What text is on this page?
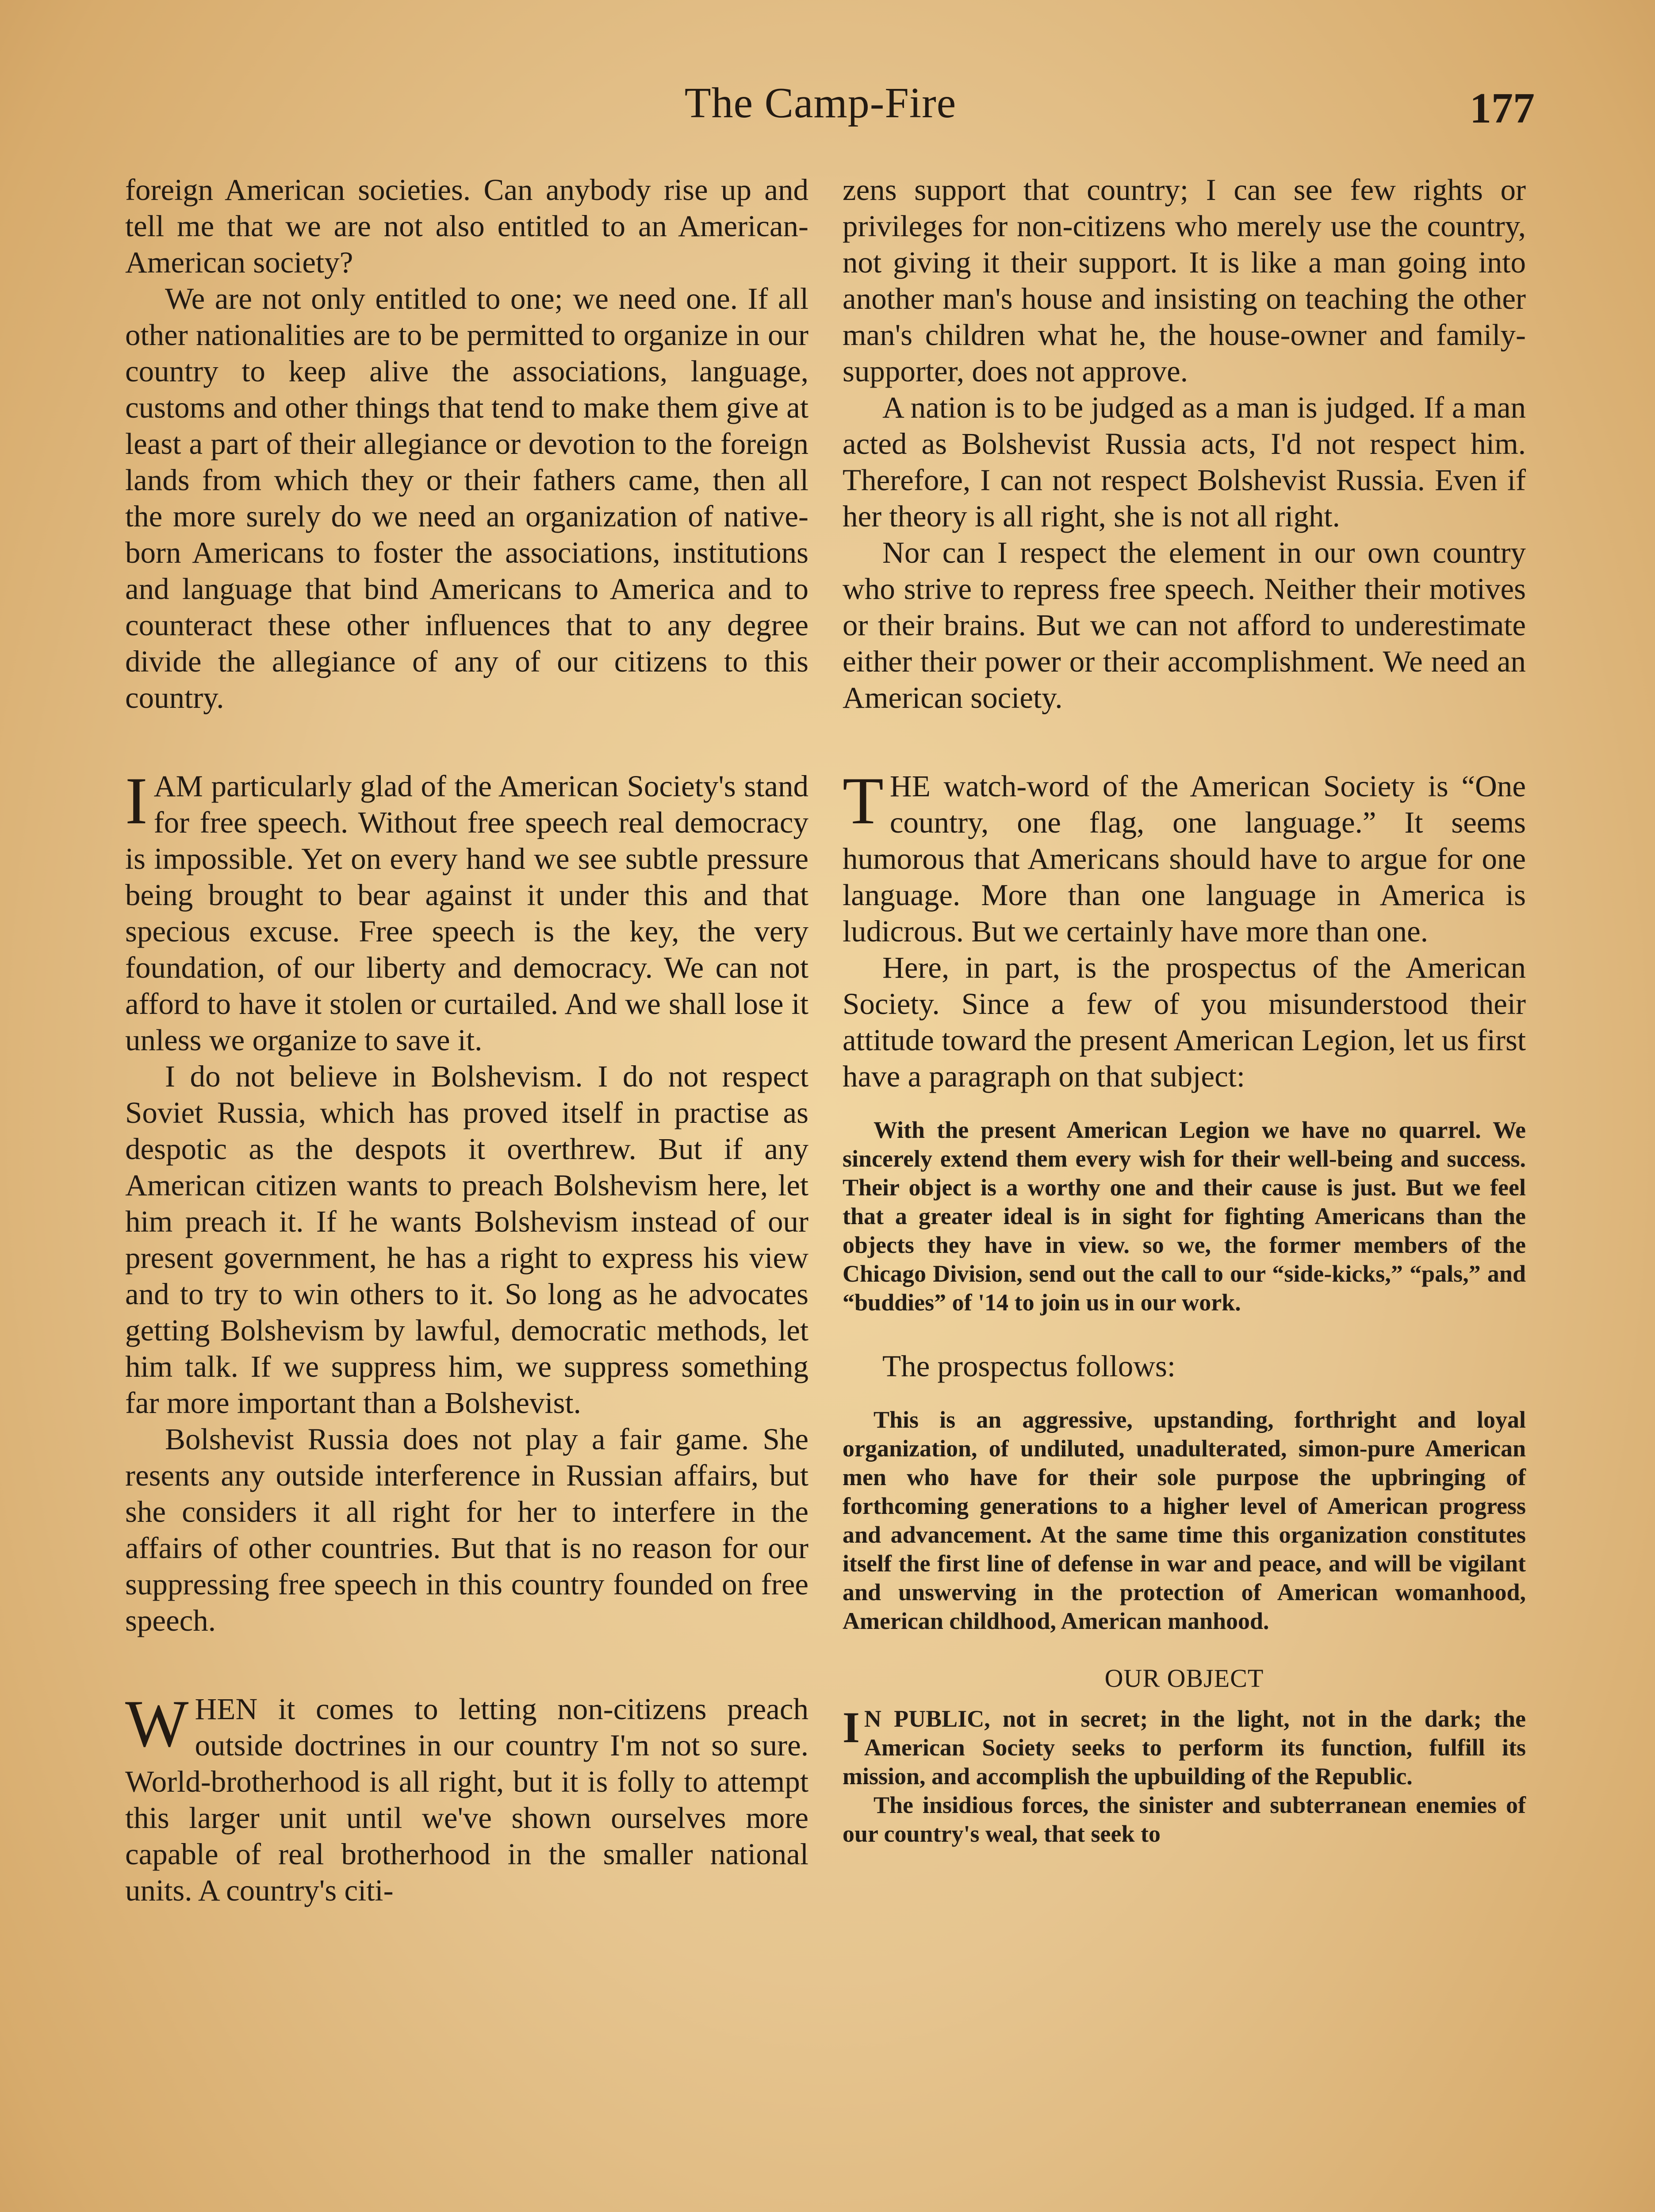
The Camp-Fire	177

foreign American societies. Can anybody rise up and tell me that we are not also entitled to an American-American society?

We are not only entitled to one; we need one. If all other nationalities are to be permitted to organize in our country to keep alive the associations, language, customs and other things that tend to make them give at least a part of their allegiance or devotion to the foreign lands from which they or their fathers came, then all the more surely do we need an organization of native-born Americans to foster the associations, institutions and language that bind Americans to America and to counteract these other influences that to any degree divide the allegiance of any of our citizens to this country.

IAM particularly glad of the American Society's stand for free speech. Without free speech real democracy is impossible. Yet on every hand we see subtle pressure being brought to bear against it under this and that specious excuse. Free speech is the key, the very foundation, of our liberty and democracy. We can not afford to have it stolen or curtailed. And we shall lose it unless we organize to save it.

I do not believe in Bolshevism. I do not respect Soviet Russia, which has proved itself in practise as despotic as the despots it overthrew. But if any American citizen wants to preach Bolshevism here, let him preach it. If he wants Bolshevism instead of our present government, he has a right to express his view and to try to win others to it. So long as he advocates getting Bolshevism by lawful, democratic methods, let him talk. If we suppress him, we suppress something far more important than a Bolshevist.

Bolshevist Russia does not play a fair game. She resents any outside interference in Russian affairs, but she considers it all right for her to interfere in the affairs of other countries. But that is no reason for our suppressing free speech in this country founded on free speech.

WHEN it comes to letting non-citizens preach outside doctrines in our country I'm not so sure. World-brotherhood is all right, but it is folly to attempt this larger unit until we've shown ourselves more capable of real brotherhood in the smaller national units. A country's citi-

zens support that country; I can see few rights or privileges for non-citizens who merely use the country, not giving it their support. It is like a man going into another man's house and insisting on teaching the other man's children what he, the house-owner and family-supporter, does not approve.

A nation is to be judged as a man is judged. If a man acted as Bolshevist Russia acts, I'd not respect him. Therefore, I can not respect Bolshevist Russia. Even if her theory is all right, she is not all right.

Nor can I respect the element in our own country who strive to repress free speech. Neither their motives or their brains. But we can not afford to underestimate either their power or their accomplishment. We need an American society.

THE watch-word of the American Society is “One country, one flag, one language.” It seems humorous that Americans should have to argue for one language. More than one language in America is ludicrous. But we certainly have more than one.

Here, in part, is the prospectus of the American Society. Since a few of you misunderstood their attitude toward the present American Legion, let us first have a paragraph on that subject:

With the present American Legion we have no quarrel. We sincerely extend them every wish for their well-being and success. Their object is a worthy one and their cause is just. But we feel that a greater ideal is in sight for fighting Americans than the objects they have in view. so we, the former members of the Chicago Division, send out the call to our “side-kicks,” “pals,” and “buddies” of '14 to join us in our work.

The prospectus follows:

This is an aggressive, upstanding, forthright and loyal organization, of undiluted, unadulterated, simon-pure American men who have for their sole purpose the upbringing of forthcoming generations to a higher level of American progress and advancement. At the same time this organization constitutes itself the first line of defense in war and peace, and will be vigilant and unswerving in the protection of American womanhood, American childhood, American manhood.

OUR OBJECT

I N PUBLIC, not in secret; in the light, not in the dark; the American Society seeks to perform its function, fulfill its mission, and accomplish the upbuilding of the Republic.

The insidious forces, the sinister and subterranean enemies of our country's weal, that seek to
